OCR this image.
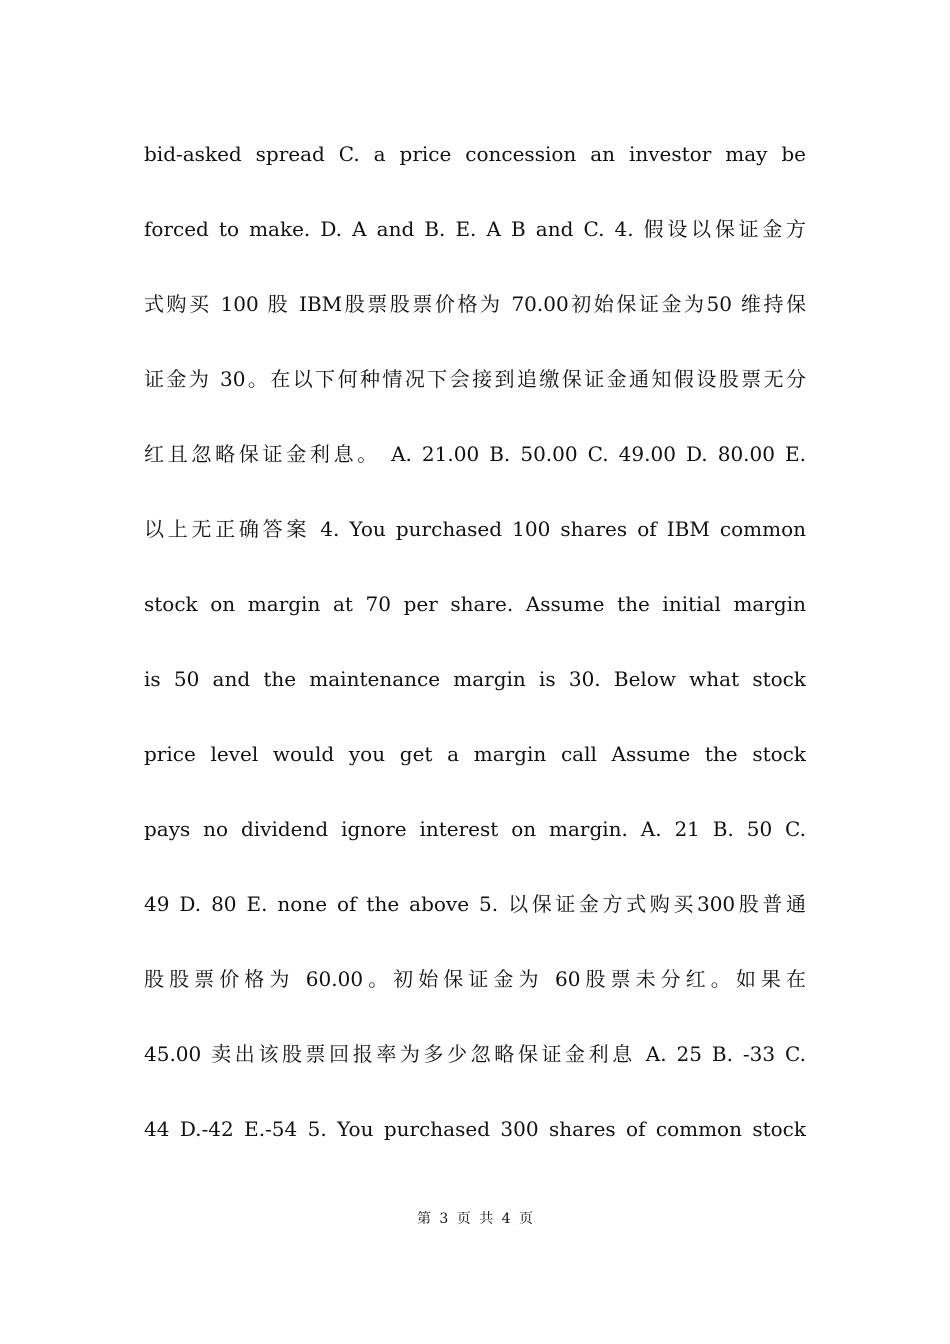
bid-asked spread C. a price concession an investor may be
forced to make. D. A and B. E. A B and C. 4. 假设以保证金方
式购买 100 股 IBM股票股票价格为 70.00初始保证金为50 维持保
证金为 30。在以下何种情况下会接到追缴保证金通知假设股票无分
红且忽略保证金利息。 A. 21.00 B. 50.00 C. 49.00 D. 80.00 E.
以上无正确答案 4. You purchased 100 shares of IBM common
stock on margin at 70 per share. Assume the initial margin
is 50 and the maintenance margin is 30. Below what stock
price level would you get a margin call Assume the stock
pays no dividend ignore interest on margin. A. 21 B. 50 C.
49 D. 80 E. none of the above 5. 以保证金方式购买300股普通
股股票价格为 60.00。初始保证金为 60股票未分红。如果在
45.00 卖出该股票回报率为多少忽略保证金利息 A. 25 B. -33 C.
44 D.-42 E.-54 5. You purchased 300 shares of common stock
第 3 页 共 4 页
